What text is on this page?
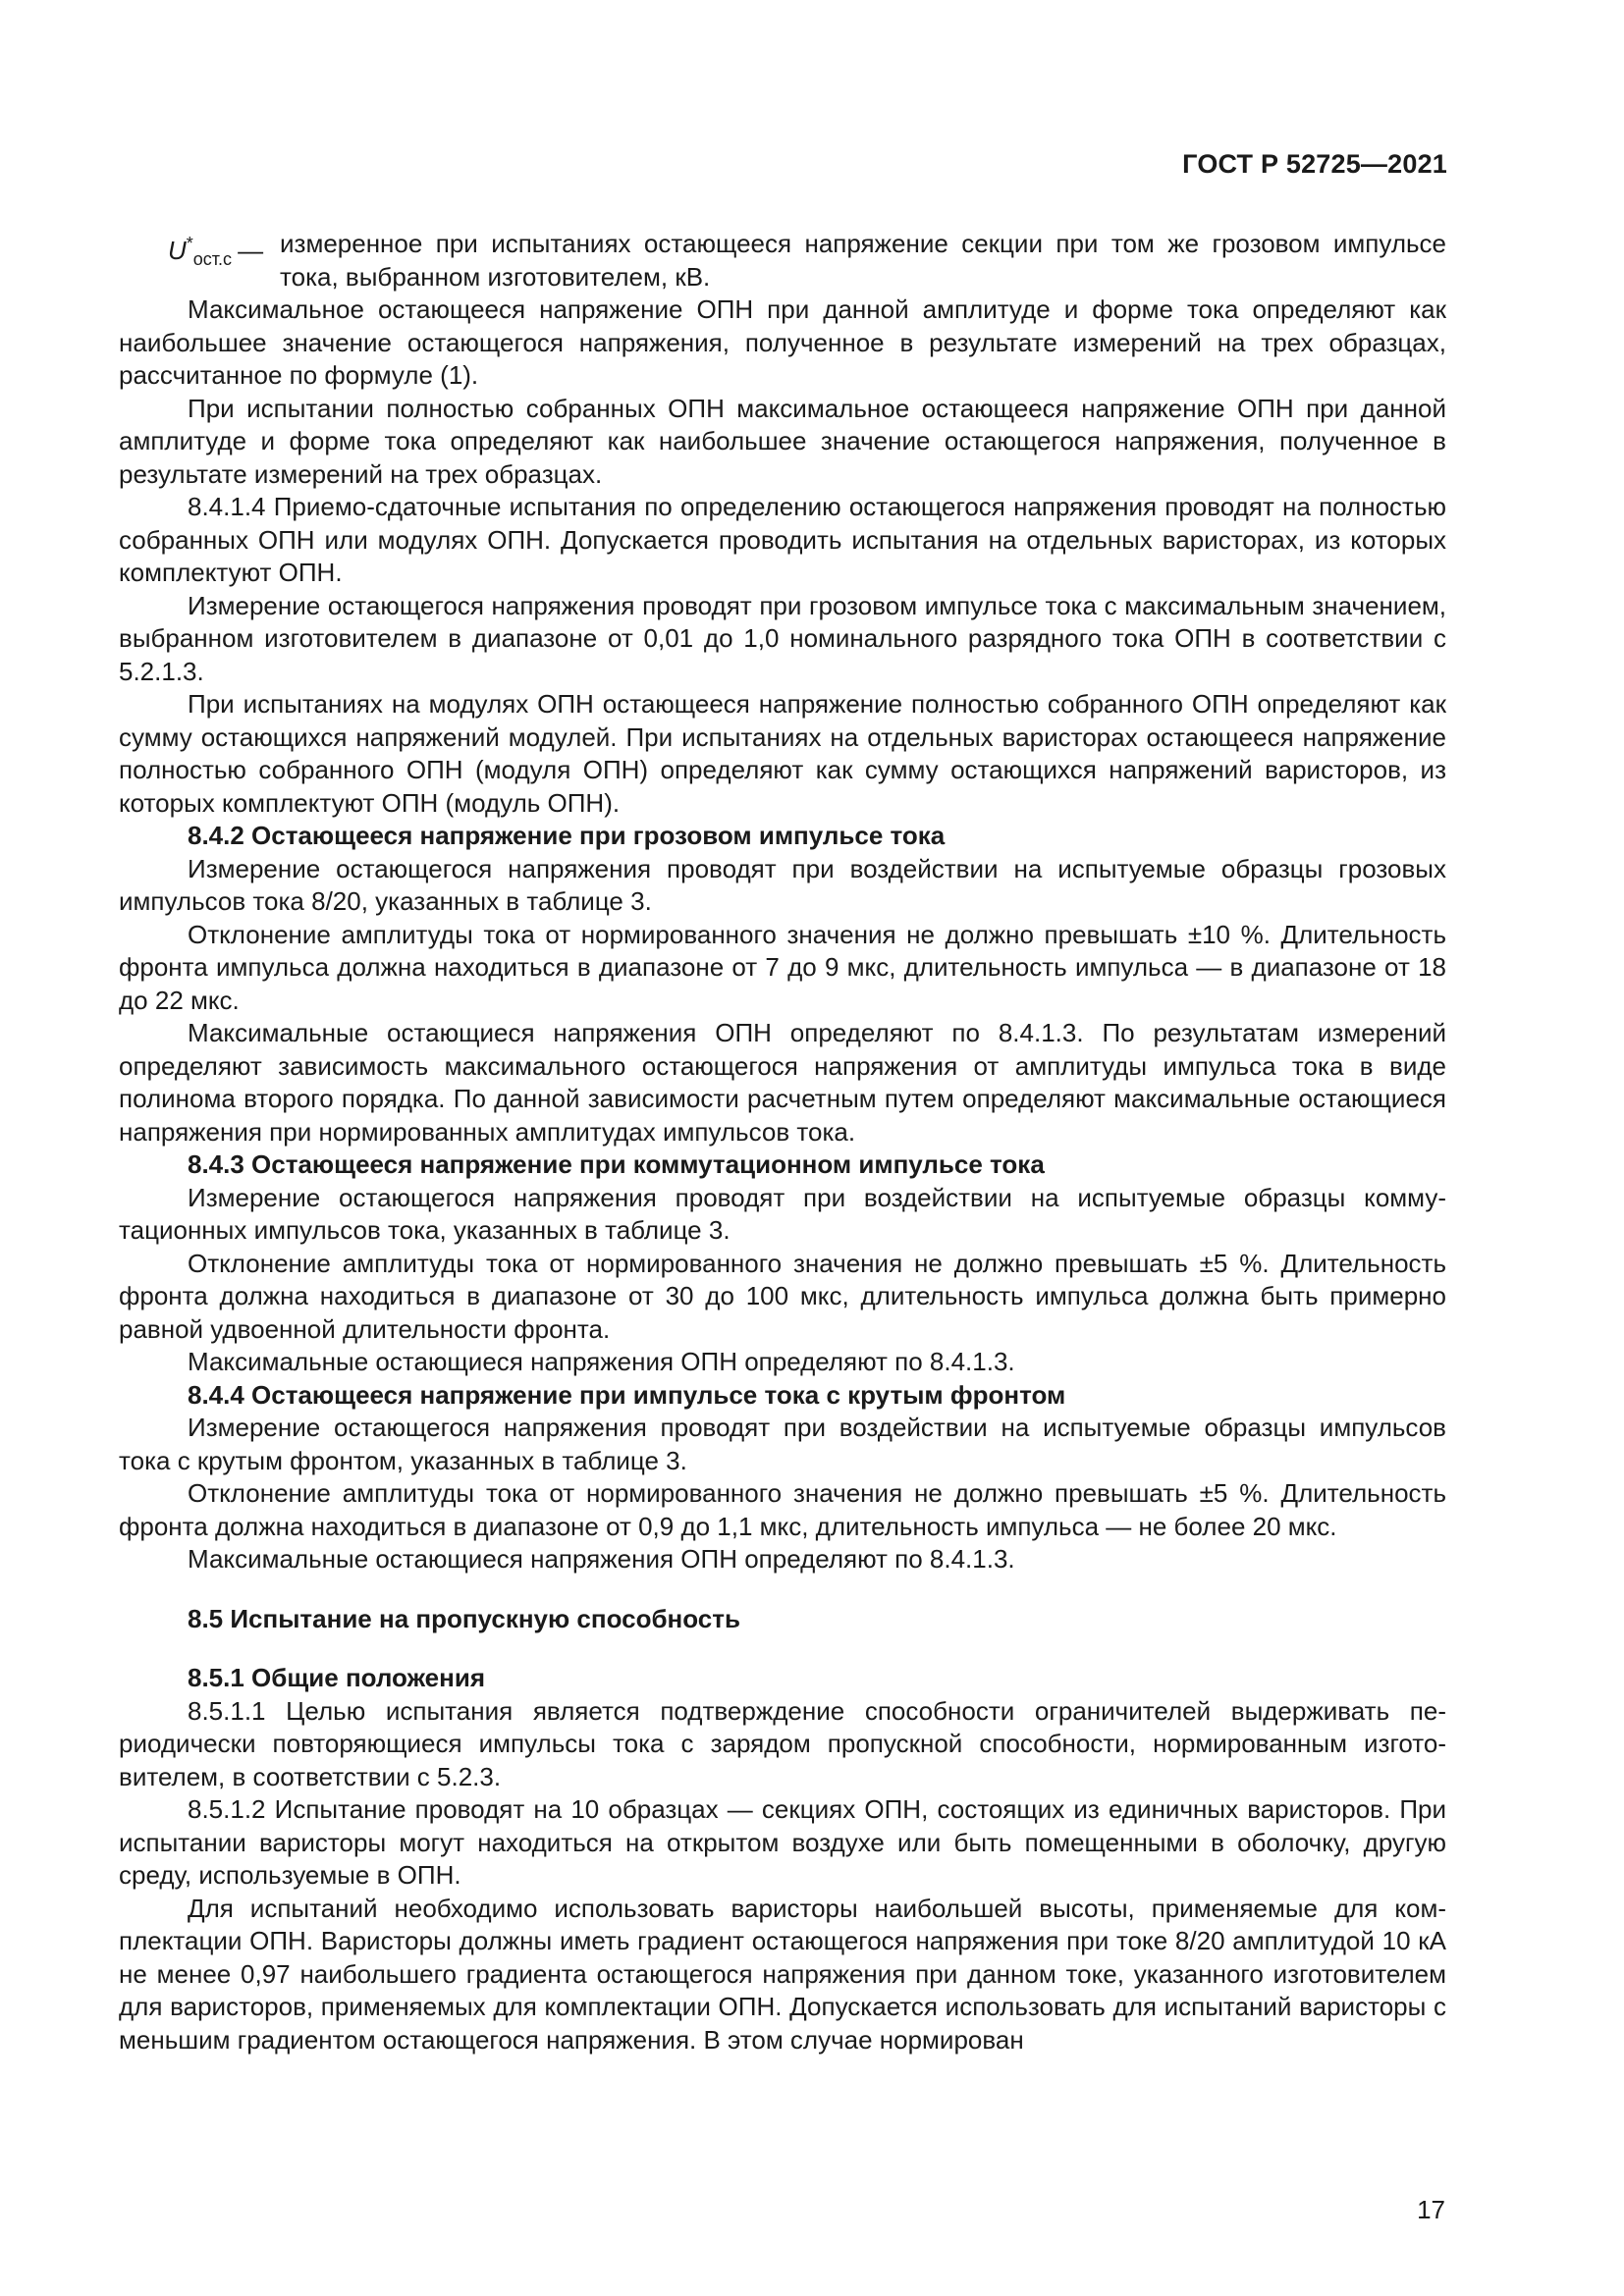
ГОСТ Р 52725—2021
$U^*_{ост.с}$ — измеренное при испытаниях остающееся напряжение секции при том же грозовом импульсе тока, выбранном изготовителем, кВ.

Максимальное остающееся напряжение ОПН при данной амплитуде и форме тока определяют как наибольшее значение остающегося напряжения, полученное в результате измерений на трех образцах, рассчитанное по формуле (1).

При испытании полностью собранных ОПН максимальное остающееся напряжение ОПН при данной амплитуде и форме тока определяют как наибольшее значение остающегося напряжения, полученное в результате измерений на трех образцах.

8.4.1.4 Приемо-сдаточные испытания по определению остающегося напряжения проводят на полностью собранных ОПН или модулях ОПН. Допускается проводить испытания на отдельных варисторах, из которых комплектуют ОПН.

Измерение остающегося напряжения проводят при грозовом импульсе тока с максимальным значением, выбранном изготовителем в диапазоне от 0,01 до 1,0 номинального разрядного тока ОПН в соответствии с 5.2.1.3.

При испытаниях на модулях ОПН остающееся напряжение полностью собранного ОПН определяют как сумму остающихся напряжений модулей. При испытаниях на отдельных варисторах остающееся напряжение полностью собранного ОПН (модуля ОПН) определяют как сумму остающихся напряжений варисторов, из которых комплектуют ОПН (модуль ОПН).

8.4.2 Остающееся напряжение при грозовом импульсе тока

Измерение остающегося напряжения проводят при воздействии на испытуемые образцы грозовых импульсов тока 8/20, указанных в таблице 3.

Отклонение амплитуды тока от нормированного значения не должно превышать ±10 %. Длительность фронта импульса должна находиться в диапазоне от 7 до 9 мкс, длительность импульса — в диапазоне от 18 до 22 мкс.

Максимальные остающиеся напряжения ОПН определяют по 8.4.1.3. По результатам измерений определяют зависимость максимального остающегося напряжения от амплитуды импульса тока в виде полинома второго порядка. По данной зависимости расчетным путем определяют максимальные остающиеся напряжения при нормированных амплитудах импульсов тока.

8.4.3 Остающееся напряжение при коммутационном импульсе тока

Измерение остающегося напряжения проводят при воздействии на испытуемые образцы коммутационных импульсов тока, указанных в таблице 3.

Отклонение амплитуды тока от нормированного значения не должно превышать ±5 %. Длительность фронта должна находиться в диапазоне от 30 до 100 мкс, длительность импульса должна быть примерно равной удвоенной длительности фронта.

Максимальные остающиеся напряжения ОПН определяют по 8.4.1.3.

8.4.4 Остающееся напряжение при импульсе тока с крутым фронтом

Измерение остающегося напряжения проводят при воздействии на испытуемые образцы импульсов тока с крутым фронтом, указанных в таблице 3.

Отклонение амплитуды тока от нормированного значения не должно превышать ±5 %. Длительность фронта должна находиться в диапазоне от 0,9 до 1,1 мкс, длительность импульса — не более 20 мкс.

Максимальные остающиеся напряжения ОПН определяют по 8.4.1.3.

8.5 Испытание на пропускную способность

8.5.1 Общие положения

8.5.1.1 Целью испытания является подтверждение способности ограничителей выдерживать периодически повторяющиеся импульсы тока с зарядом пропускной способности, нормированным изготовителем, в соответствии с 5.2.3.

8.5.1.2 Испытание проводят на 10 образцах — секциях ОПН, состоящих из единичных варисторов. При испытании варисторы могут находиться на открытом воздухе или быть помещенными в оболочку, другую среду, используемые в ОПН.

Для испытаний необходимо использовать варисторы наибольшей высоты, применяемые для комплектации ОПН. Варисторы должны иметь градиент остающегося напряжения при токе 8/20 амплитудой 10 кА не менее 0,97 наибольшего градиента остающегося напряжения при данном токе, указанного изготовителем для варисторов, применяемых для комплектации ОПН. Допускается использовать для испытаний варисторы с меньшим градиентом остающегося напряжения. В этом случае нормирован

17
